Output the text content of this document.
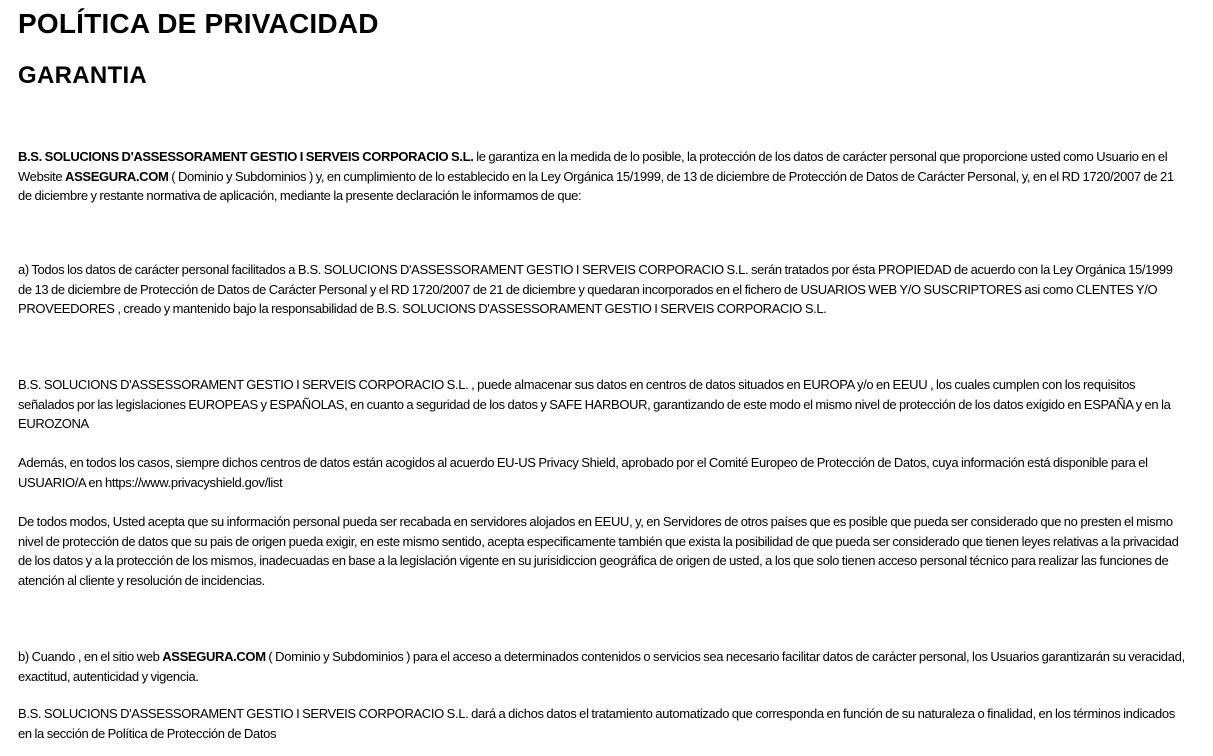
POLÍTICA DE PRIVACIDAD
GARANTIA
B.S. SOLUCIONS D'ASSESSORAMENT GESTIO I SERVEIS CORPORACIO S.L. le garantiza en la medida de lo posible, la protección de los datos de carácter personal que proporcione usted como Usuario en el Website ASSEGURA.COM ( Dominio y Subdominios ) y, en cumplimiento de lo establecido en la Ley Orgánica 15/1999, de 13 de diciembre de Protección de Datos de Carácter Personal, y, en el RD 1720/2007 de 21 de diciembre y restante normativa de aplicación, mediante la presente declaración le informamos de que:
a) Todos los datos de carácter personal facilitados a B.S. SOLUCIONS D'ASSESSORAMENT GESTIO I SERVEIS CORPORACIO S.L. serán tratados por ésta PROPIEDAD de acuerdo con la Ley Orgánica 15/1999 de 13 de diciembre de Protección de Datos de Carácter Personal y el RD 1720/2007 de 21 de diciembre y quedaran incorporados en el fichero de USUARIOS WEB Y/O SUSCRIPTORES asi como CLENTES Y/O PROVEEDORES , creado y mantenido bajo la responsabilidad de B.S. SOLUCIONS D'ASSESSORAMENT GESTIO I SERVEIS CORPORACIO S.L.
B.S. SOLUCIONS D'ASSESSORAMENT GESTIO I SERVEIS CORPORACIO S.L. , puede almacenar sus datos en centros de datos situados en EUROPA y/o en EEUU , los cuales cumplen con los requisitos señalados por las legislaciones EUROPEAS y ESPAÑOLAS, en cuanto a seguridad de los datos y SAFE HARBOUR, garantizando de este modo el mismo nivel de protección de los datos exigido en ESPAÑA y en la EUROZONA
Además, en todos los casos, siempre dichos centros de datos están acogidos al acuerdo EU-US Privacy Shield, aprobado por el Comité Europeo de Protección de Datos, cuya información está disponible para el USUARIO/A en https://www.privacyshield.gov/list
De todos modos, Usted acepta que su información personal pueda ser recabada en servidores alojados en EEUU, y, en Servidores de otros países que es posible que pueda ser considerado que no presten el mismo nivel de protección de datos que su pais de origen pueda exigir, en este mismo sentido, acepta especificamente también que exista la posibilidad de que pueda ser considerado que tienen leyes relativas a la privacidad de los datos y a la protección de los mismos, inadecuadas en base a la legislación vigente en su jurisidiccion geográfica de origen de usted, a los que solo tienen acceso personal técnico para realizar las funciones de atención al cliente y resolución de incidencias.
b) Cuando , en el sitio web ASSEGURA.COM ( Dominio y Subdominios ) para el acceso a determinados contenidos o servicios sea necesario facilitar datos de carácter personal, los Usuarios garantizarán su veracidad, exactitud, autenticidad y vigencia.
B.S. SOLUCIONS D'ASSESSORAMENT GESTIO I SERVEIS CORPORACIO S.L. dará a dichos datos el tratamiento automatizado que corresponda en función de su naturaleza o finalidad, en los términos indicados en la sección de Política de Protección de Datos
